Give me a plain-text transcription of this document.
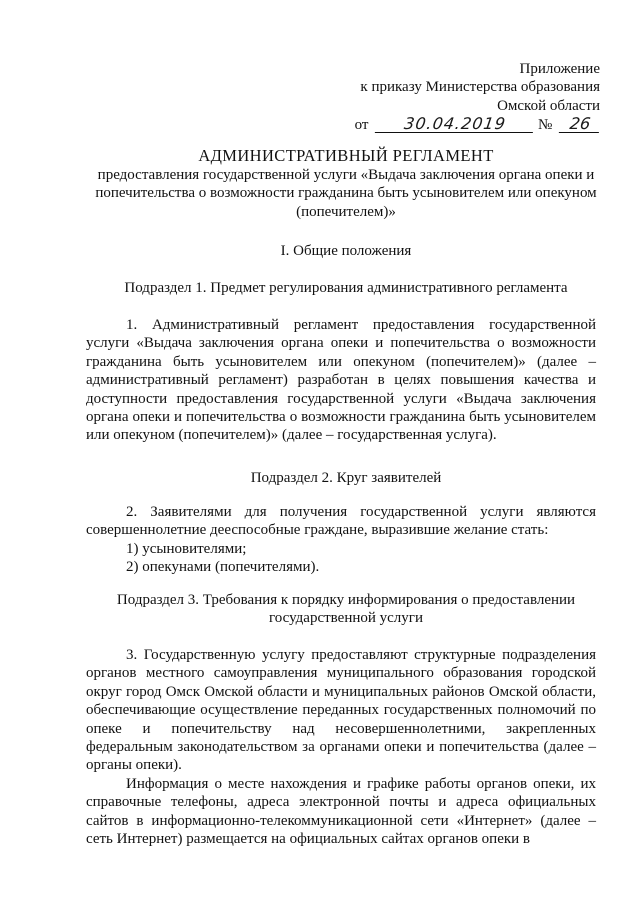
Приложение
к приказу Министерства образования
Омской области
от 30.04.2019 № 26
АДМИНИСТРАТИВНЫЙ РЕГЛАМЕНТ
предоставления государственной услуги «Выдача заключения органа опеки и попечительства о возможности гражданина быть усыновителем или опекуном (попечителем)»
I. Общие положения
Подраздел 1. Предмет регулирования административного регламента

1. Административный регламент предоставления государственной услуги «Выдача заключения органа опеки и попечительства о возможности гражданина быть усыновителем или опекуном (попечителем)» (далее – административный регламент) разработан в целях повышения качества и доступности предоставления государственной услуги «Выдача заключения органа опеки и попечительства о возможности гражданина быть усыновителем или опекуном (попечителем)» (далее – государственная услуга).

Подраздел 2. Круг заявителей

2. Заявителями для получения государственной услуги являются совершеннолетние дееспособные граждане, выразившие желание стать:

1) усыновителями;

2) опекунами (попечителями).

Подраздел 3. Требования к порядку информирования о предоставлении государственной услуги

3. Государственную услугу предоставляют структурные подразделения органов местного самоуправления муниципального образования городской округ город Омск Омской области и муниципальных районов Омской области, обеспечивающие осуществление переданных государственных полномочий по опеке и попечительству над несовершеннолетними, закрепленных федеральным законодательством за органами опеки и попечительства (далее – органы опеки).

Информация о месте нахождения и графике работы органов опеки, их справочные телефоны, адреса электронной почты и адреса официальных сайтов в информационно-телекоммуникационной сети «Интернет» (далее – сеть Интернет) размещается на официальных сайтах органов опеки в
